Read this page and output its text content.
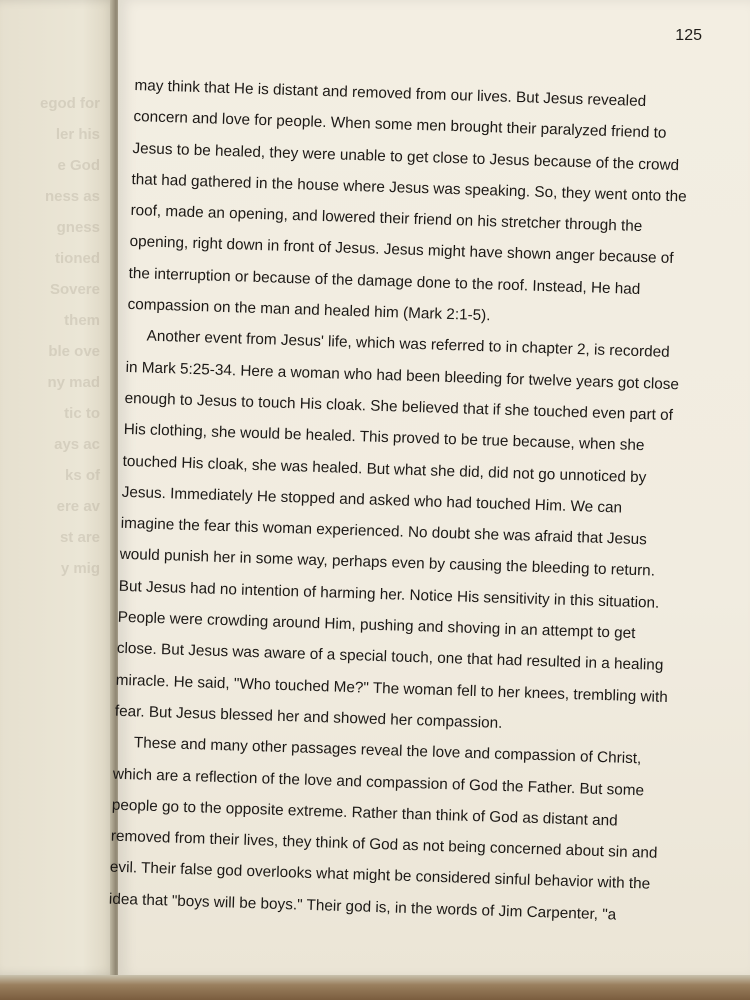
egod for
ler his
e God
ness as
gness
tioned
Sovere
them
ble ove
ny mad
tic to
ays ac
ks of
ere av
st are
y mig
125
may think that He is distant and removed from our lives. But Jesus revealed
concern and love for people. When some men brought their paralyzed friend to
Jesus to be healed, they were unable to get close to Jesus because of the crowd
that had gathered in the house where Jesus was speaking. So, they went onto the
roof, made an opening, and lowered their friend on his stretcher through the
opening, right down in front of Jesus. Jesus might have shown anger because of
the interruption or because of the damage done to the roof. Instead, He had
compassion on the man and healed him (Mark 2:1-5).
Another event from Jesus' life, which was referred to in chapter 2, is recorded
in Mark 5:25-34. Here a woman who had been bleeding for twelve years got close
enough to Jesus to touch His cloak. She believed that if she touched even part of
His clothing, she would be healed. This proved to be true because, when she
touched His cloak, she was healed. But what she did, did not go unnoticed by
Jesus. Immediately He stopped and asked who had touched Him. We can
imagine the fear this woman experienced. No doubt she was afraid that Jesus
would punish her in some way, perhaps even by causing the bleeding to return.
But Jesus had no intention of harming her. Notice His sensitivity in this situation.
People were crowding around Him, pushing and shoving in an attempt to get
close. But Jesus was aware of a special touch, one that had resulted in a healing
miracle. He said, "Who touched Me?" The woman fell to her knees, trembling with
fear. But Jesus blessed her and showed her compassion.
These and many other passages reveal the love and compassion of Christ,
which are a reflection of the love and compassion of God the Father. But some
people go to the opposite extreme. Rather than think of God as distant and
removed from their lives, they think of God as not being concerned about sin and
evil. Their false god overlooks what might be considered sinful behavior with the
idea that "boys will be boys." Their god is, in the words of Jim Carpenter, "a
